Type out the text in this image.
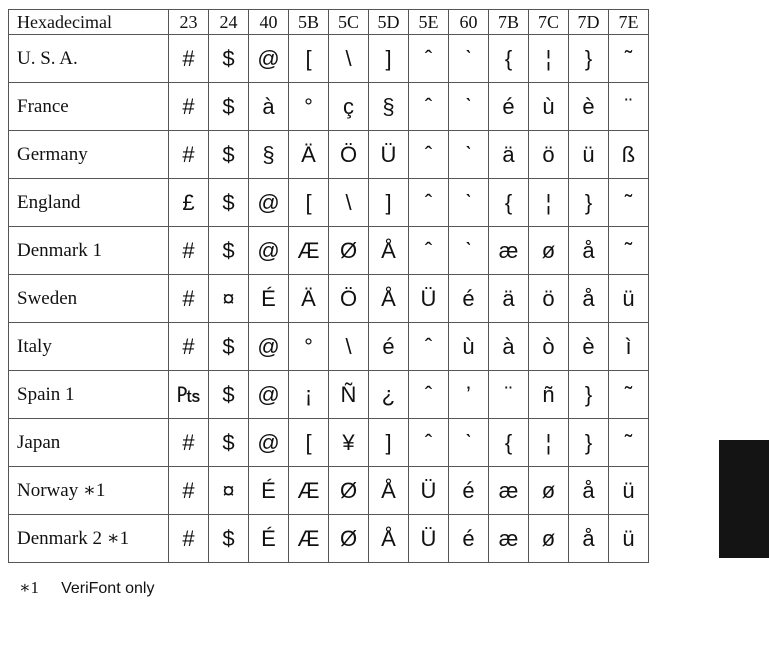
Hexadecimal	23	24	40	5B	5C	5D	5E	60	7B	7C	7D	7E
U. S. A.	#	$	@	[	\	]	ˆ	ˋ	{	¦	}	˜
France	#	$	à	°	ç	§	ˆ	ˋ	é	ù	è	¨
Germany	#	$	§	Ä	Ö	Ü	ˆ	ˋ	ä	ö	ü	ß
England	£	$	@	[	\	]	ˆ	ˋ	{	¦	}	˜
Denmark 1	#	$	@	Æ	Ø	Å	ˆ	ˋ	æ	ø	å	˜
Sweden	#	¤	É	Ä	Ö	Å	Ü	é	ä	ö	å	ü
Italy	#	$	@	°	\	é	ˆ	ù	à	ò	è	ì
Spain 1	₧	$	@	¡	Ñ	¿	ˆ	’	¨	ñ	}	˜
Japan	#	$	@	[	¥	]	ˆ	ˋ	{	¦	}	˜
Norway ∗1	#	¤	É	Æ	Ø	Å	Ü	é	æ	ø	å	ü
Denmark 2 ∗1	#	$	É	Æ	Ø	Å	Ü	é	æ	ø	å	ü
∗1 VeriFont only
